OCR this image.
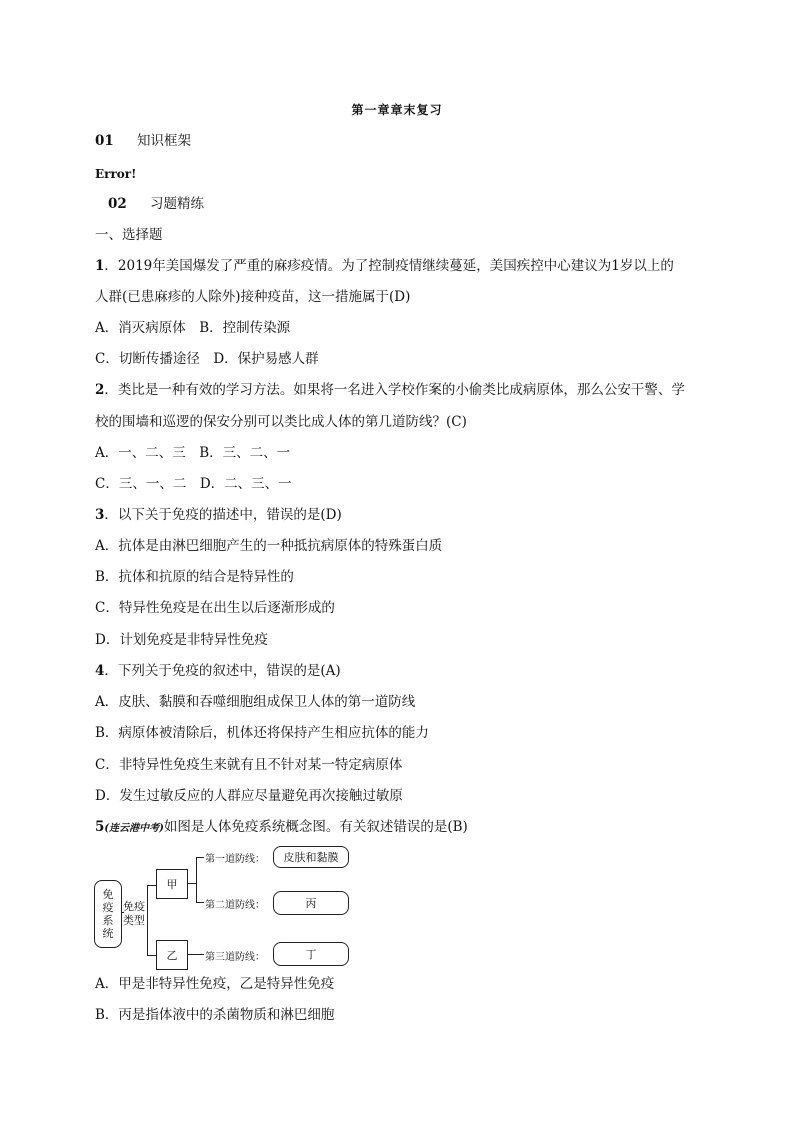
第一章章末复习
01 知识框架
Error!
02 习题精练
一、选择题
1．2019年美国爆发了严重的麻疹疫情。为了控制疫情继续蔓延，美国疾控中心建议为1岁以上的
人群(已患麻疹的人除外)接种疫苗，这一措施属于(D)
A．消灭病原体　B．控制传染源
C．切断传播途径　D．保护易感人群
2．类比是一种有效的学习方法。如果将一名进入学校作案的小偷类比成病原体，那么公安干警、学
校的围墙和巡逻的保安分别可以类比成人体的第几道防线？(C)
A．一、二、三　B．三、二、一
C．三、一、二　D．二、三、一
3．以下关于免疫的描述中，错误的是(D)
A．抗体是由淋巴细胞产生的一种抵抗病原体的特殊蛋白质
B．抗体和抗原的结合是特异性的
C．特异性免疫是在出生以后逐渐形成的
D．计划免疫是非特异性免疫
4．下列关于免疫的叙述中，错误的是(A)
A．皮肤、黏膜和吞噬细胞组成保卫人体的第一道防线
B．病原体被清除后，机体还将保持产生相应抗体的能力
C．非特异性免疫生来就有且不针对某一特定病原体
D．发生过敏反应的人群应尽量避免再次接触过敏原
5(连云港中考)如图是人体免疫系统概念图。有关叙述错误的是(B)
免疫系统
免疫类型
甲
乙
第一道防线：
第二道防线：
第三道防线：
皮肤和黏膜
丙
丁
A．甲是非特异性免疫，乙是特异性免疫
B．丙是指体液中的杀菌物质和淋巴细胞
